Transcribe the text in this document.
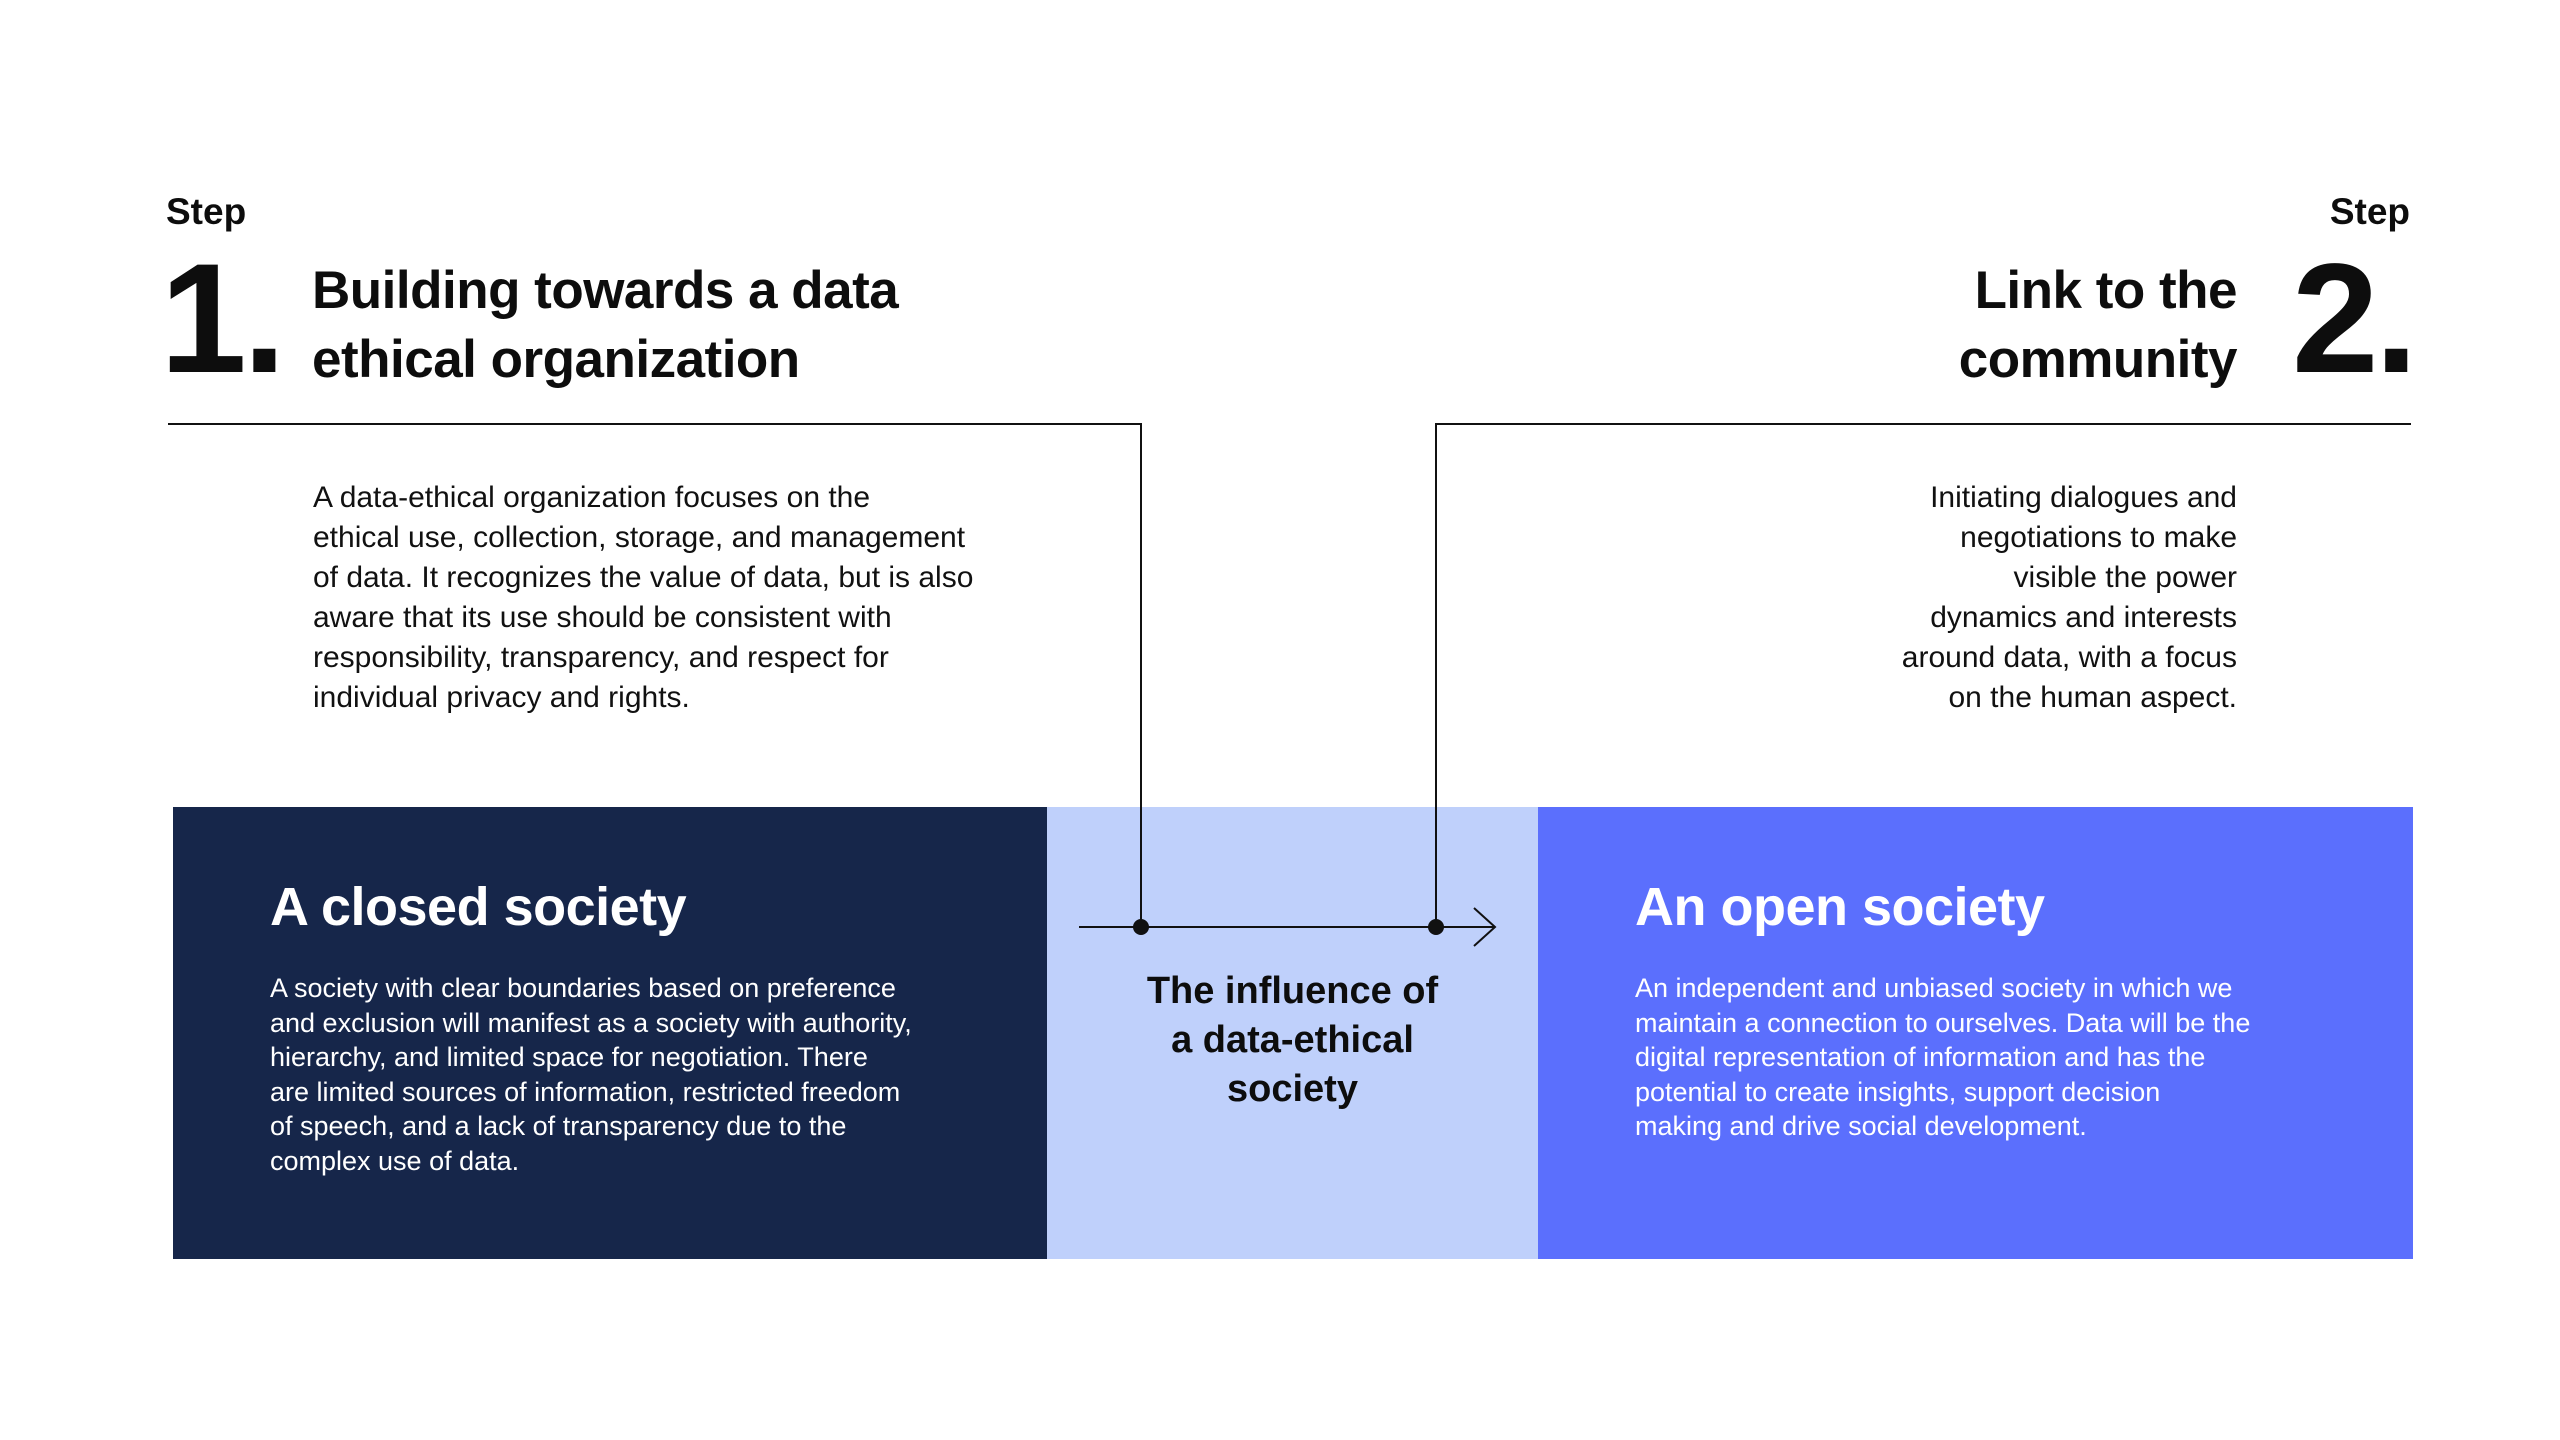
Step
1. Building towards a data
ethical organization
A data-ethical organization focuses on the
ethical use, collection, storage, and management
of data. It recognizes the value of data, but is also
aware that its use should be consistent with
responsibility, transparency, and respect for
individual privacy and rights.
Step
2.
Link to the
community
Initiating dialogues and
negotiations to make
visible the power
dynamics and interests
around data, with a focus
on the human aspect.
A closed society
A society with clear boundaries based on preference
and exclusion will manifest as a society with authority,
hierarchy, and limited space for negotiation. There
are limited sources of information, restricted freedom
of speech, and a lack of transparency due to the
complex use of data.
The influence of
a data-ethical
society
An open society
An independent and unbiased society in which we
maintain a connection to ourselves. Data will be the
digital representation of information and has the
potential to create insights, support decision
making and drive social development.
